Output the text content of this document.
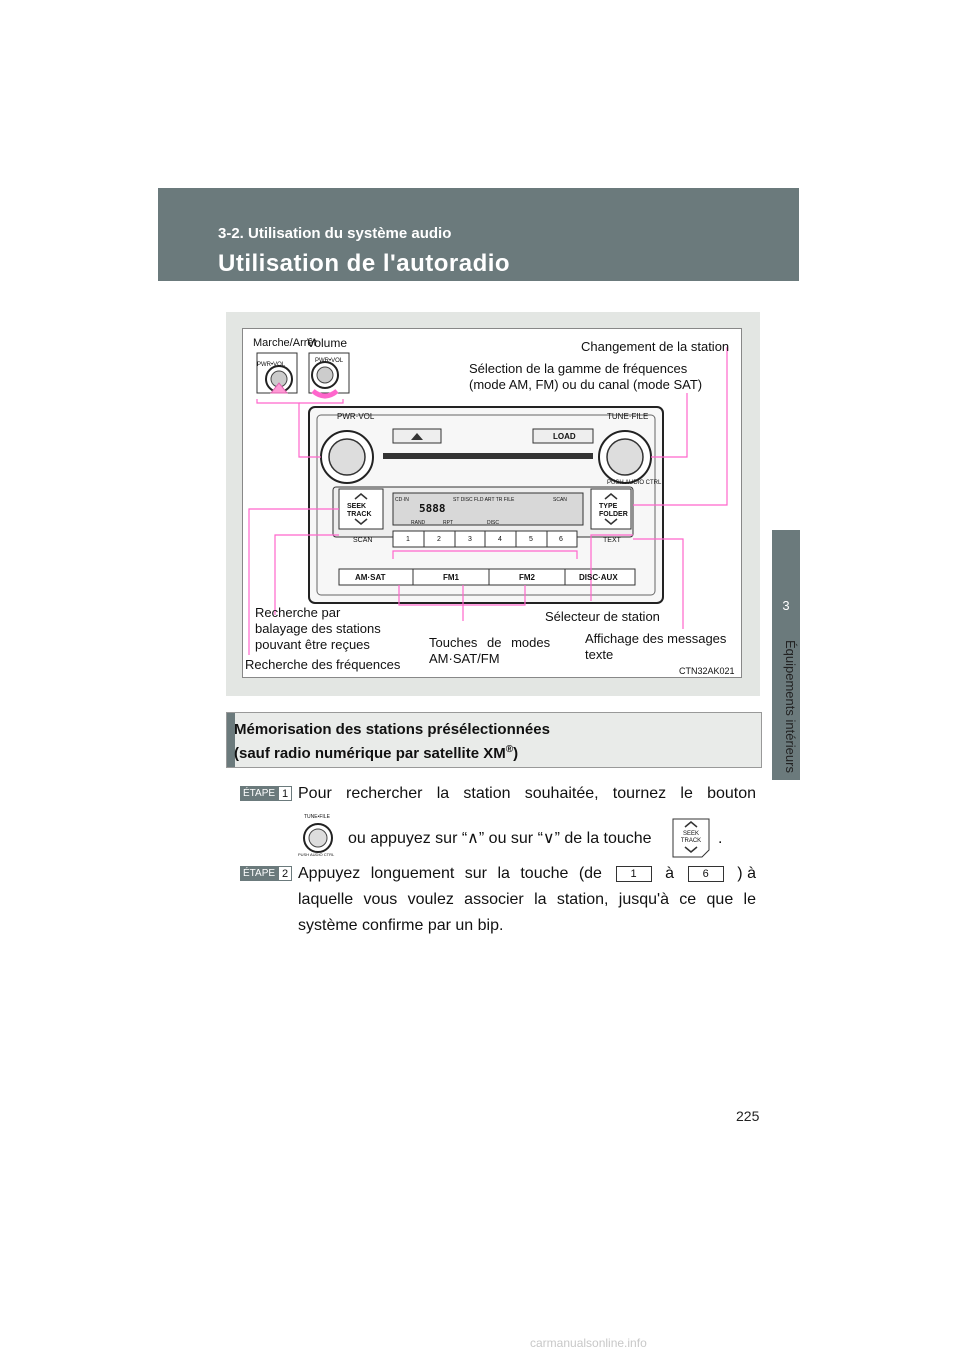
3-2. Utilisation du système audio
Utilisation de l'autoradio
3
Équipements intérieurs
Marche/Arrêt
Volume
PWR•VOL
PWR•VOL
Changement de la station
Sélection de la gamme de fréquences
(mode AM, FM) ou du canal (mode SAT)
PWR·VOL	TUNE·FILE
LOAD
PUSH AUDIO CTRL
SEEK TRACK
TYPE FOLDER
SCAN	TEXT
CD·IN	ST DISC FLD ART TR FILE	SCAN
5888
RAND	RPT	DISC
1	2	3	4	5	6
AM·SAT	FM1	FM2	DISC·AUX
Recherche par
balayage des stations
pouvant être reçues
Recherche des fréquences
Touches de modes
AM·SAT/FM
Sélecteur de station
Affichage des messages
texte
CTN32AK021
Mémorisation des stations présélectionnées
(sauf radio numérique par satellite XM®)
ÉTAPE 1 Pour rechercher la station souhaitée, tournez le bouton
TUNE•FILE
PUSH AUDIO CTRL
ou appuyez sur “∧” ou sur “∨” de la touche	SEEK TRACK .
ÉTAPE 2 Appuyez longuement sur la touche (de	1	à	6	) à
laquelle vous voulez associer la station, jusqu'à ce que le
système confirme par un bip.
225
carmanualsonline.info
